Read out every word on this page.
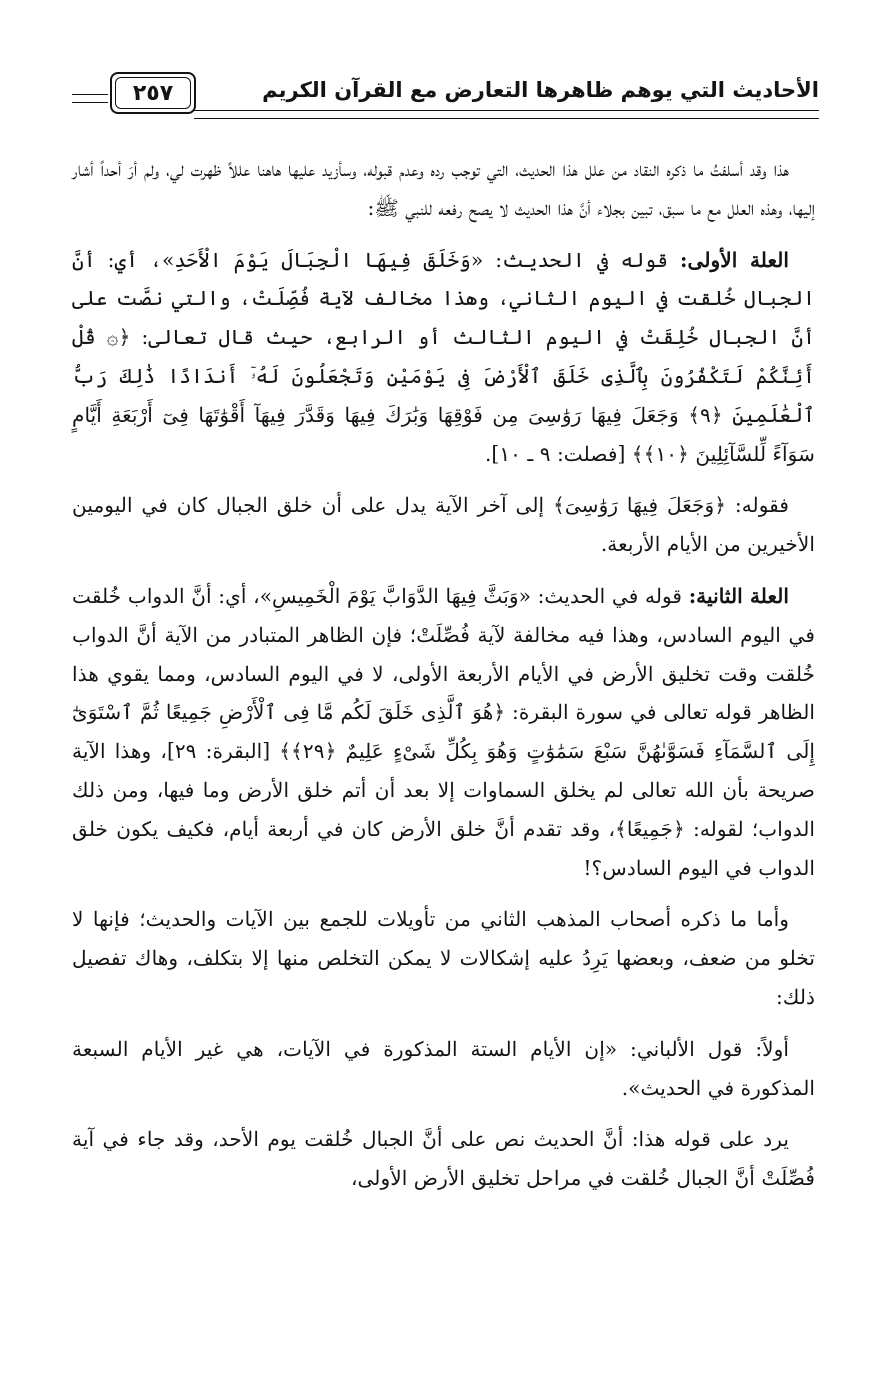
٢٥٧	الأحاديث التي يوهم ظاهرها التعارض مع القرآن الكريم

هذا وقد أسلفتُ ما ذكره النقاد من علل هذا الحديث، التي توجب رده وعدم قبوله، وسأزيد عليها هاهنا عللاً ظهرت لي، ولم أرَ أحداً أشار إليها، وهذه العلل مع ما سبق، تبين بجلاء أنَّ هذا الحديث لا يصح رفعه للنبي ﷺ:

العلة الأولى: قوله في الحديث: «وَخَلَقَ فِيهَا الْجِبَالَ يَوْمَ الْأَحَدِ»، أي: أنَّ الجبال خُلقت في اليوم الثاني، وهذا مخالف لآية فُصِّلَتْ، والتي نصَّت على أنَّ الجبال خُلِقَتْ في اليوم الثالث أو الرابع، حيث قال تعالى: ﴿۞ قُلْ أَئِنَّكُمْ لَتَكْفُرُونَ بِٱلَّذِى خَلَقَ ٱلْأَرْضَ فِى يَوْمَيْنِ وَتَجْعَلُونَ لَهُۥٓ أَندَادًا ذَٰلِكَ رَبُّ ٱلْعَٰلَمِينَ ﴿٩﴾ وَجَعَلَ فِيهَا رَوَٰسِىَ مِن فَوْقِهَا وَبَٰرَكَ فِيهَا وَقَدَّرَ فِيهَآ أَقْوَٰتَهَا فِىٓ أَرْبَعَةِ أَيَّامٍ سَوَآءً لِّلسَّآئِلِينَ ﴿١٠﴾﴾ [فصلت: ٩ ـ ١٠].

فقوله: ﴿وَجَعَلَ فِيهَا رَوَٰسِىَ﴾ إلى آخر الآية يدل على أن خلق الجبال كان في اليومين الأخيرين من الأيام الأربعة.

العلة الثانية: قوله في الحديث: «وَبَثَّ فِيهَا الدَّوَابَّ يَوْمَ الْخَمِيسِ»، أي: أنَّ الدواب خُلقت في اليوم السادس، وهذا فيه مخالفة لآية فُصِّلَتْ؛ فإن الظاهر المتبادر من الآية أنَّ الدواب خُلقت وقت تخليق الأرض في الأيام الأربعة الأولى، لا في اليوم السادس، ومما يقوي هذا الظاهر قوله تعالى في سورة البقرة: ﴿هُوَ ٱلَّذِى خَلَقَ لَكُم مَّا فِى ٱلْأَرْضِ جَمِيعًا ثُمَّ ٱسْتَوَىٰٓ إِلَى ٱلسَّمَآءِ فَسَوَّىٰهُنَّ سَبْعَ سَمَٰوَٰتٍ وَهُوَ بِكُلِّ شَىْءٍ عَلِيمٌ ﴿٢٩﴾﴾ [البقرة: ٢٩]، وهذا الآية صريحة بأن الله تعالى لم يخلق السماوات إلا بعد أن أتم خلق الأرض وما فيها، ومن ذلك الدواب؛ لقوله: ﴿جَمِيعًا﴾، وقد تقدم أنَّ خلق الأرض كان في أربعة أيام، فكيف يكون خلق الدواب في اليوم السادس؟!

وأما ما ذكره أصحاب المذهب الثاني من تأويلات للجمع بين الآيات والحديث؛ فإنها لا تخلو من ضعف، وبعضها يَرِدُ عليه إشكالات لا يمكن التخلص منها إلا بتكلف، وهاك تفصيل ذلك:

أولاً: قول الألباني: «إن الأيام الستة المذكورة في الآيات، هي غير الأيام السبعة المذكورة في الحديث».

يرد على قوله هذا: أنَّ الحديث نص على أنَّ الجبال خُلقت يوم الأحد، وقد جاء في آية فُصِّلَتْ أنَّ الجبال خُلقت في مراحل تخليق الأرض الأولى،
